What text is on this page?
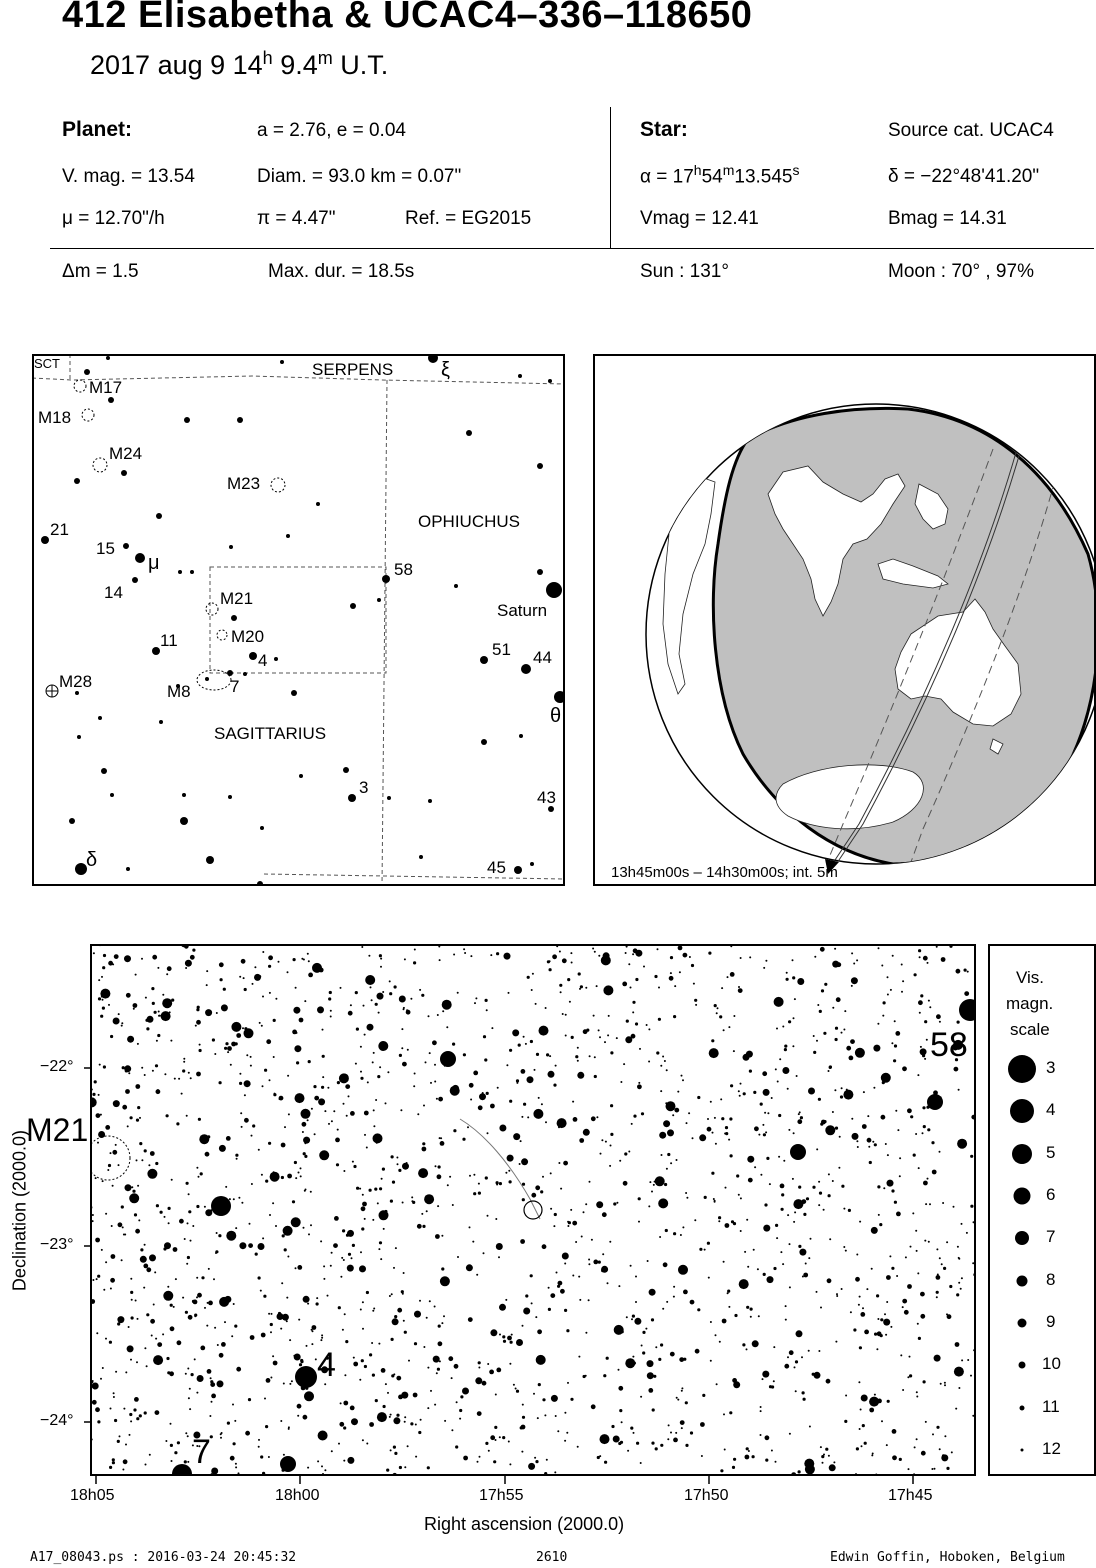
412 Elisabetha & UCAC4–336–118650
2017 aug 9 14$^h$ 9.4$^m$ U.T.
Planet:	a = 2.76, e = 0.04
V. mag. = 13.54	Diam. = 93.0 km = 0.07"
μ = 12.70"/h	π = 4.47"	Ref. = EG2015
Star:	Source cat. UCAC4
$\alpha = 17^h54^m13.545^s$	δ = −22°48'41.20"
Vmag = 12.41	Bmag = 14.31
Δm = 1.5	Max. dur. = 18.5s	Sun : 131°	Moon : 70° , 97%
SCT	SERPENS ξ
M17
M18
M24
M23
OPHIUCHUS
21
15
μ	58
14
Saturn
M21
M20
11	51
4	44
M28
M8 7
θ
SAGITTARIUS
3
43
δ	45	13h45m00s – 14h30m00s; int. 5m
58
4
7
M21
−22°
−23°
−24°
18h05	18h00	17h55	17h50	17h45
Right ascension (2000.0)
Declination (2000.0)
Vis.
magn.
scale
3
4
5
6
7
8
9
10
11
12
A17_08043.ps : 2016-03-24 20:45:32	2610	Edwin Goffin, Hoboken, Belgium
